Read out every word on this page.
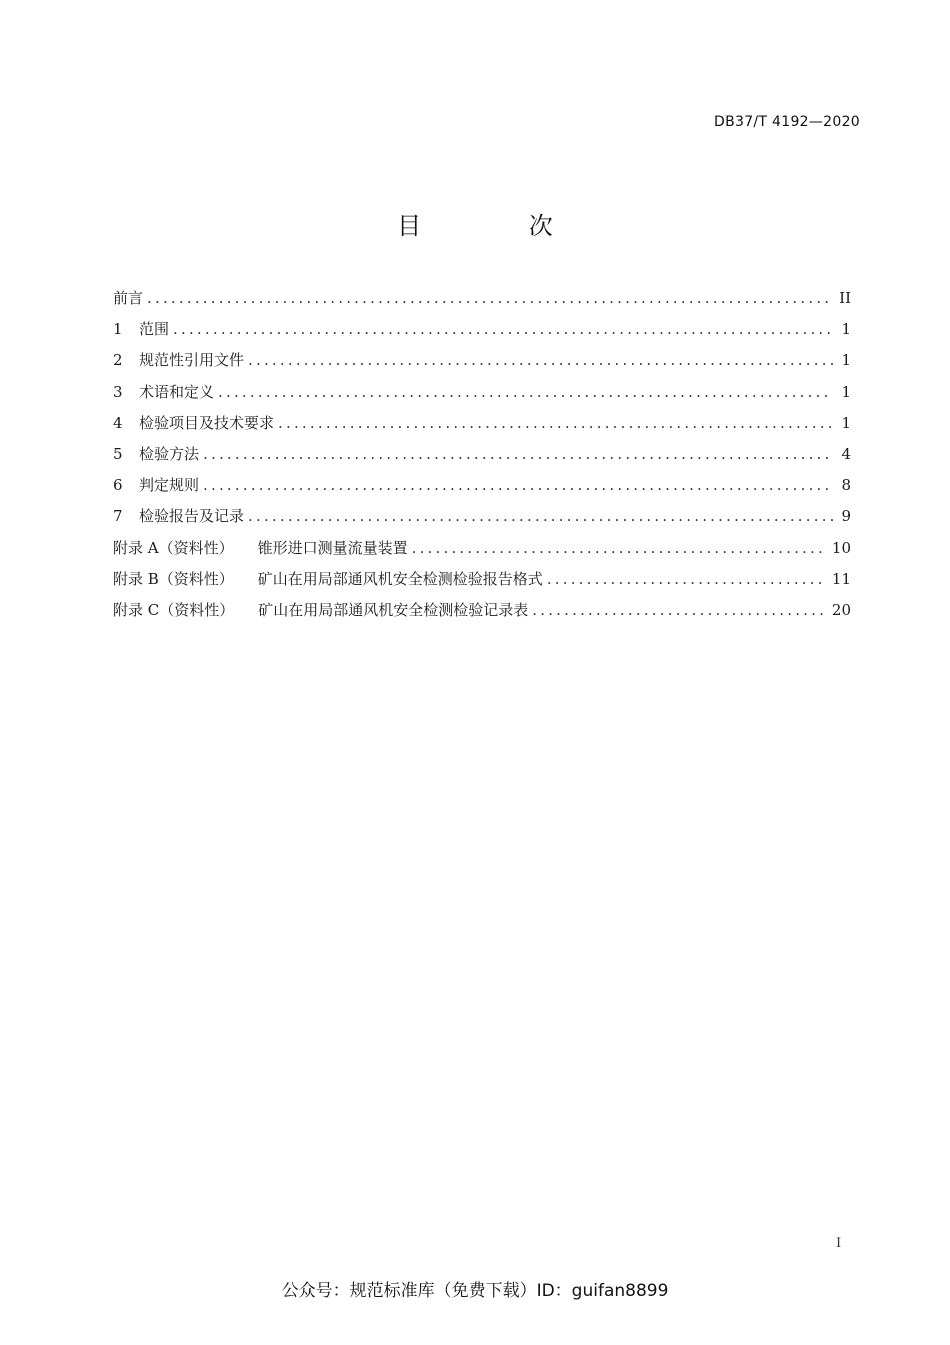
DB37/T 4192—2020
目 次
前言 .....	II
1	范围 .....	1
2	规范性引用文件 .....	1
3	术语和定义 .....	1
4	检验项目及技术要求 .....	1
5	检验方法 .....	4
6	判定规则 .....	8
7	检验报告及记录 .....	9
附录 A（资料性） 锥形进口测量流量装置 .....	10
附录 B（资料性） 矿山在用局部通风机安全检测检验报告格式 .....	11
附录 C（资料性） 矿山在用局部通风机安全检测检验记录表 .....	20
I
公众号：规范标准库（免费下载）ID：guifan8899
